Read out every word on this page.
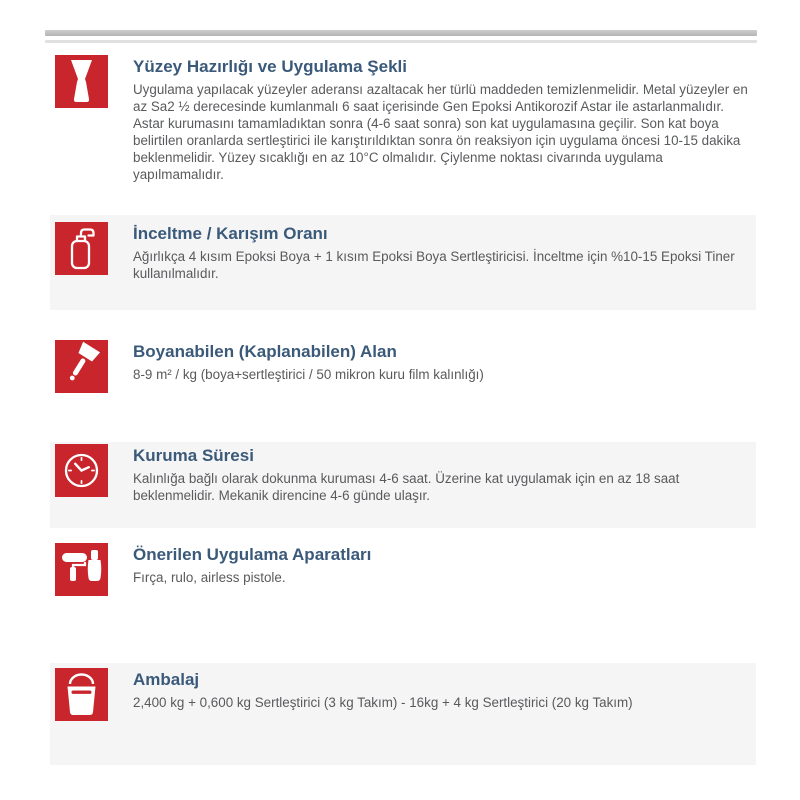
Yüzey Hazırlığı ve Uygulama Şekli

Uygulama yapılacak yüzeyler aderansı azaltacak her türlü maddeden temizlenmelidir. Metal yüzeyler en az Sa2 ½ derecesinde kumlanmalı 6 saat içerisinde Gen Epoksi Antikorozif Astar ile astarlanmalıdır. Astar kurumasını tamamladıktan sonra (4-6 saat sonra) son kat uygulamasına geçilir. Son kat boya belirtilen oranlarda sertleştirici ile karıştırıldıktan sonra ön reaksiyon için uygulama öncesi 10-15 dakika beklenmelidir. Yüzey sıcaklığı en az 10°C olmalıdır. Çiylenme noktası civarında uygulama yapılmamalıdır.

İnceltme / Karışım Oranı

Ağırlıkça 4 kısım Epoksi Boya + 1 kısım Epoksi Boya Sertleştiricisi. İnceltme için %10-15 Epoksi Tiner kullanılmalıdır.

Boyanabilen (Kaplanabilen) Alan

8-9 m² / kg (boya+sertleştirici / 50 mikron kuru film kalınlığı)

Kuruma Süresi

Kalınlığa bağlı olarak dokunma kuruması 4-6 saat. Üzerine kat uygulamak için en az 18 saat beklenmelidir. Mekanik direncine 4-6 günde ulaşır.

Önerilen Uygulama Aparatları

Fırça, rulo, airless pistole.

Ambalaj

2,400 kg + 0,600 kg Sertleştirici (3 kg Takım) - 16kg + 4 kg Sertleştirici (20 kg Takım)
